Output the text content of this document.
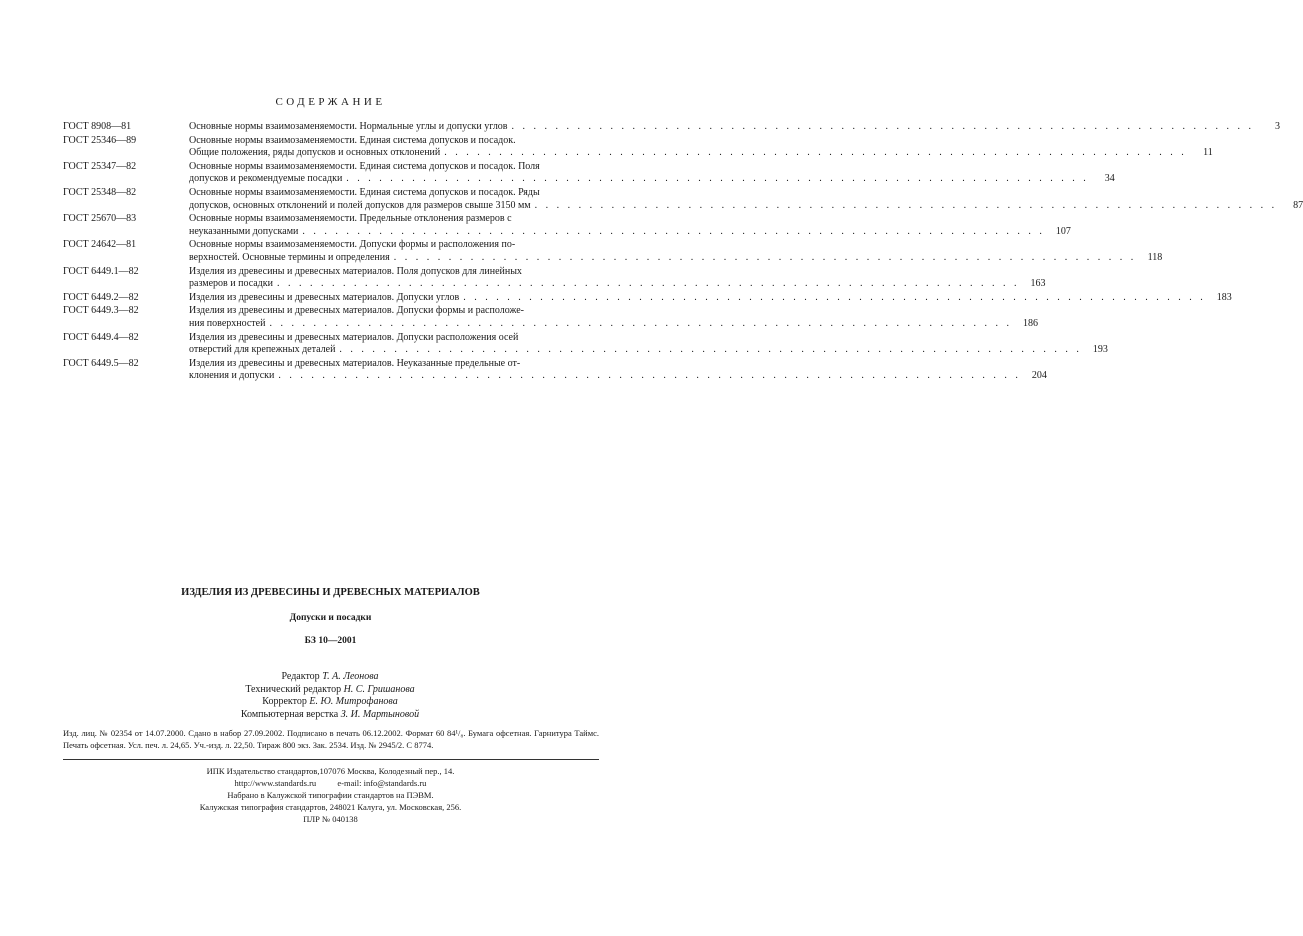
СОДЕРЖАНИЕ
ГОСТ 8908—81	Основные нормы взаимозаменяемости. Нормальные углы и допуски углов . . .	3
ГОСТ 25346—89	Основные нормы взаимозаменяемости. Единая система допусков и посадок.
Общие положения, ряды допусков и основных отклонений . . .	11
ГОСТ 25347—82	Основные нормы взаимозаменяемости. Единая система допусков и посадок. Поля
допусков и рекомендуемые посадки . . .	34
ГОСТ 25348—82	Основные нормы взаимозаменяемости. Единая система допусков и посадок. Ряды
допусков, основных отклонений и полей допусков для размеров свыше 3150 мм . . .	87
ГОСТ 25670—83	Основные нормы взаимозаменяемости. Предельные отклонения размеров с
неуказанными допусками . . .	107
ГОСТ 24642—81	Основные нормы взаимозаменяемости. Допуски формы и расположения по-
верхностей. Основные термины и определения . . .	118
ГОСТ 6449.1—82	Изделия из древесины и древесных материалов. Поля допусков для линейных
размеров и посадки . . .	163
ГОСТ 6449.2—82	Изделия из древесины и древесных материалов. Допуски углов . . .	183
ГОСТ 6449.3—82	Изделия из древесины и древесных материалов. Допуски формы и расположе-
ния поверхностей . . .	186
ГОСТ 6449.4—82	Изделия из древесины и древесных материалов. Допуски расположения осей
отверстий для крепежных деталей . . .	193
ГОСТ 6449.5—82	Изделия из древесины и древесных материалов. Неуказанные предельные от-
клонения и допуски . . .	204
ИЗДЕЛИЯ ИЗ ДРЕВЕСИНЫ И ДРЕВЕСНЫХ МАТЕРИАЛОВ
Допуски и посадки
БЗ 10—2001
Редактор Т. А. Леонова
Технический редактор Н. С. Гришанова
Корректор Е. Ю. Митрофанова
Компьютерная верстка З. И. Мартыновой
Изд. лиц. № 02354 от 14.07.2000. Сдано в набор 27.09.2002. Подписано в печать 06.12.2002. Формат 60 84¹/₈. Бумага офсетная. Гарнитура Таймс. Печать офсетная. Усл. печ. л. 24,65. Уч.-изд. л. 22,50. Тираж 800 экз. Зак. 2534. Изд. № 2945/2. С 8774.
ИПК Издательство стандартов,107076 Москва, Колодезный пер., 14.
http://www.standards.ru          e-mail: info@standards.ru
Набрано в Калужской типографии стандартов на ПЭВМ.
Калужская типография стандартов, 248021 Калуга, ул. Московская, 256.
ПЛР № 040138
